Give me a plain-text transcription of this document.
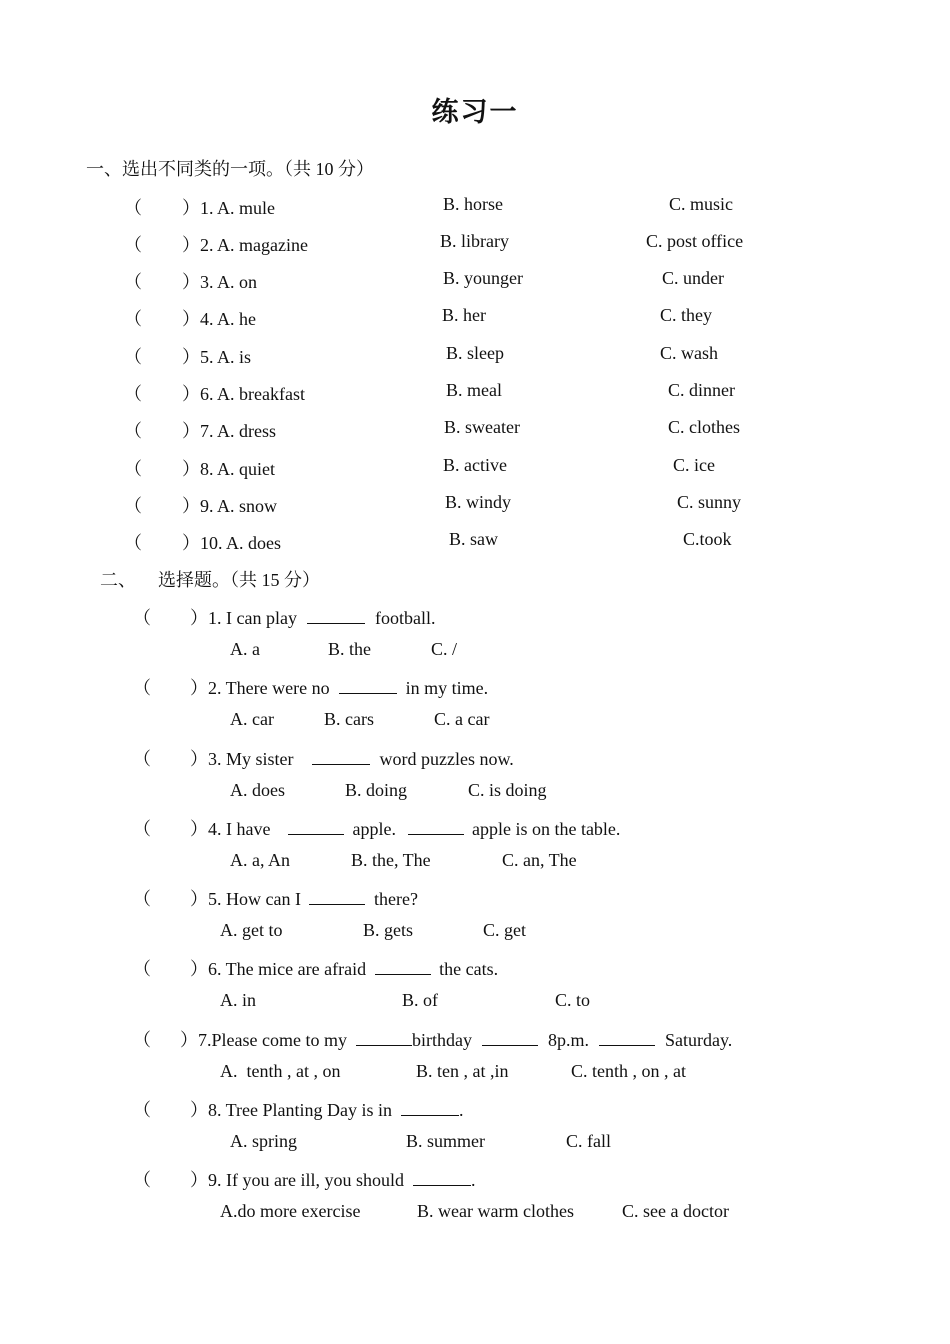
练习一
一、选出不同类的一项。（共 10 分）
（ ）1. A. mule	B. horse	C. music
（ ）2. A. magazine	B. library	C. post office
（ ）3. A. on	B. younger	C. under
（ ）4. A. he	B. her	C. they
（ ）5. A. is	B. sleep	C. wash
（ ）6. A. breakfast	B. meal	C. dinner
（ ）7. A. dress	B. sweater	C. clothes
（ ）8. A. quiet	B. active	C. ice
（ ）9. A. snow	B. windy	C. sunny
（ ）10. A. does	B. saw	C.took
二、 选择题。（共 15 分）
（ ）1. I can play	football.
A. a	B. the	C. /
（ ）2. There were no	in my time.
A. car	B. cars	C. a car
（ ）3. My sister	word puzzles now.
A. does	B. doing	C. is doing
（ ）4. I have	apple.	apple is on the table.
A. a, An	B. the, The	C. an, The
（ ）5. How can I	there?
A. get to	B. gets	C. get
（ ）6. The mice are afraid	the cats.
A. in	B. of	C. to
（ ）7.Please come to my	birthday	8p.m.	Saturday.
A.  tenth , at , on	B. ten , at ,in	C. tenth , on , at
（ ）8. Tree Planting Day is in	.
A. spring	B. summer	C. fall
（ ）9. If you are ill, you should	.
A.do more exercise	B. wear warm clothes	C. see a doctor
